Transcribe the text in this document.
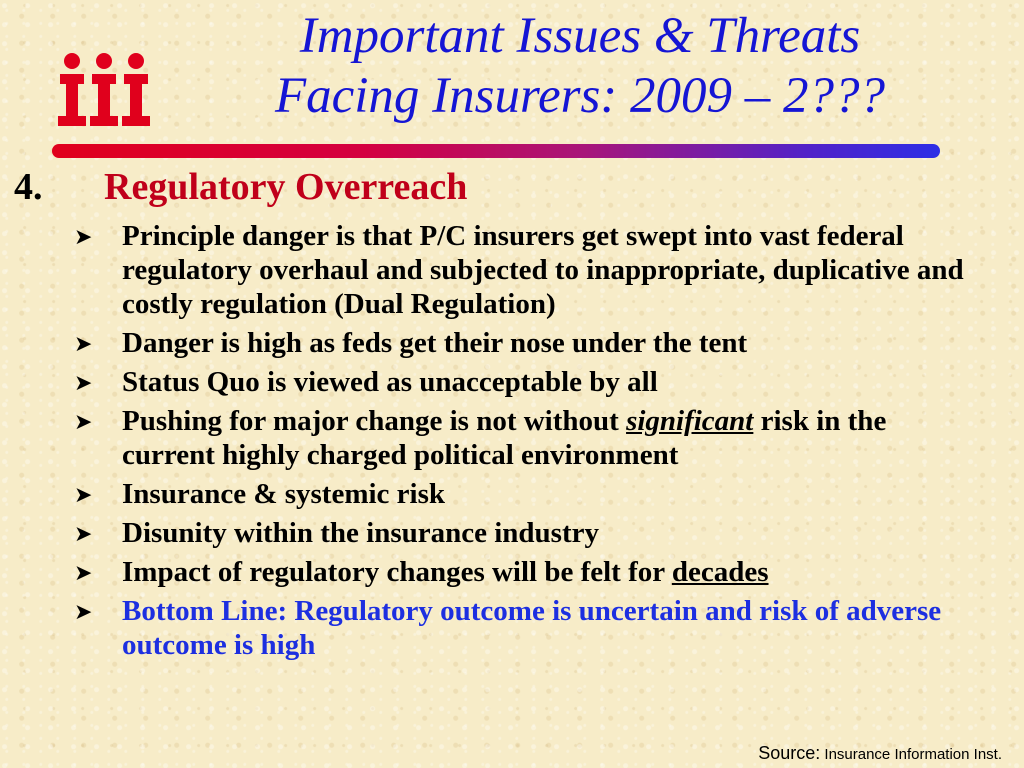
Important Issues & Threats
Facing Insurers: 2009 – 2???
4. Regulatory Overreach
➤ Principle danger is that P/C insurers get swept into vast federal regulatory overhaul and subjected to inappropriate, duplicative and costly regulation (Dual Regulation)
➤ Danger is high as feds get their nose under the tent
➤ Status Quo is viewed as unacceptable by all
➤ Pushing for major change is not without significant risk in the current highly charged political environment
➤ Insurance & systemic risk
➤ Disunity within the insurance industry
➤ Impact of regulatory changes will be felt for decades
➤ Bottom Line: Regulatory outcome is uncertain and risk of adverse outcome is high
Source: Insurance Information Inst.
